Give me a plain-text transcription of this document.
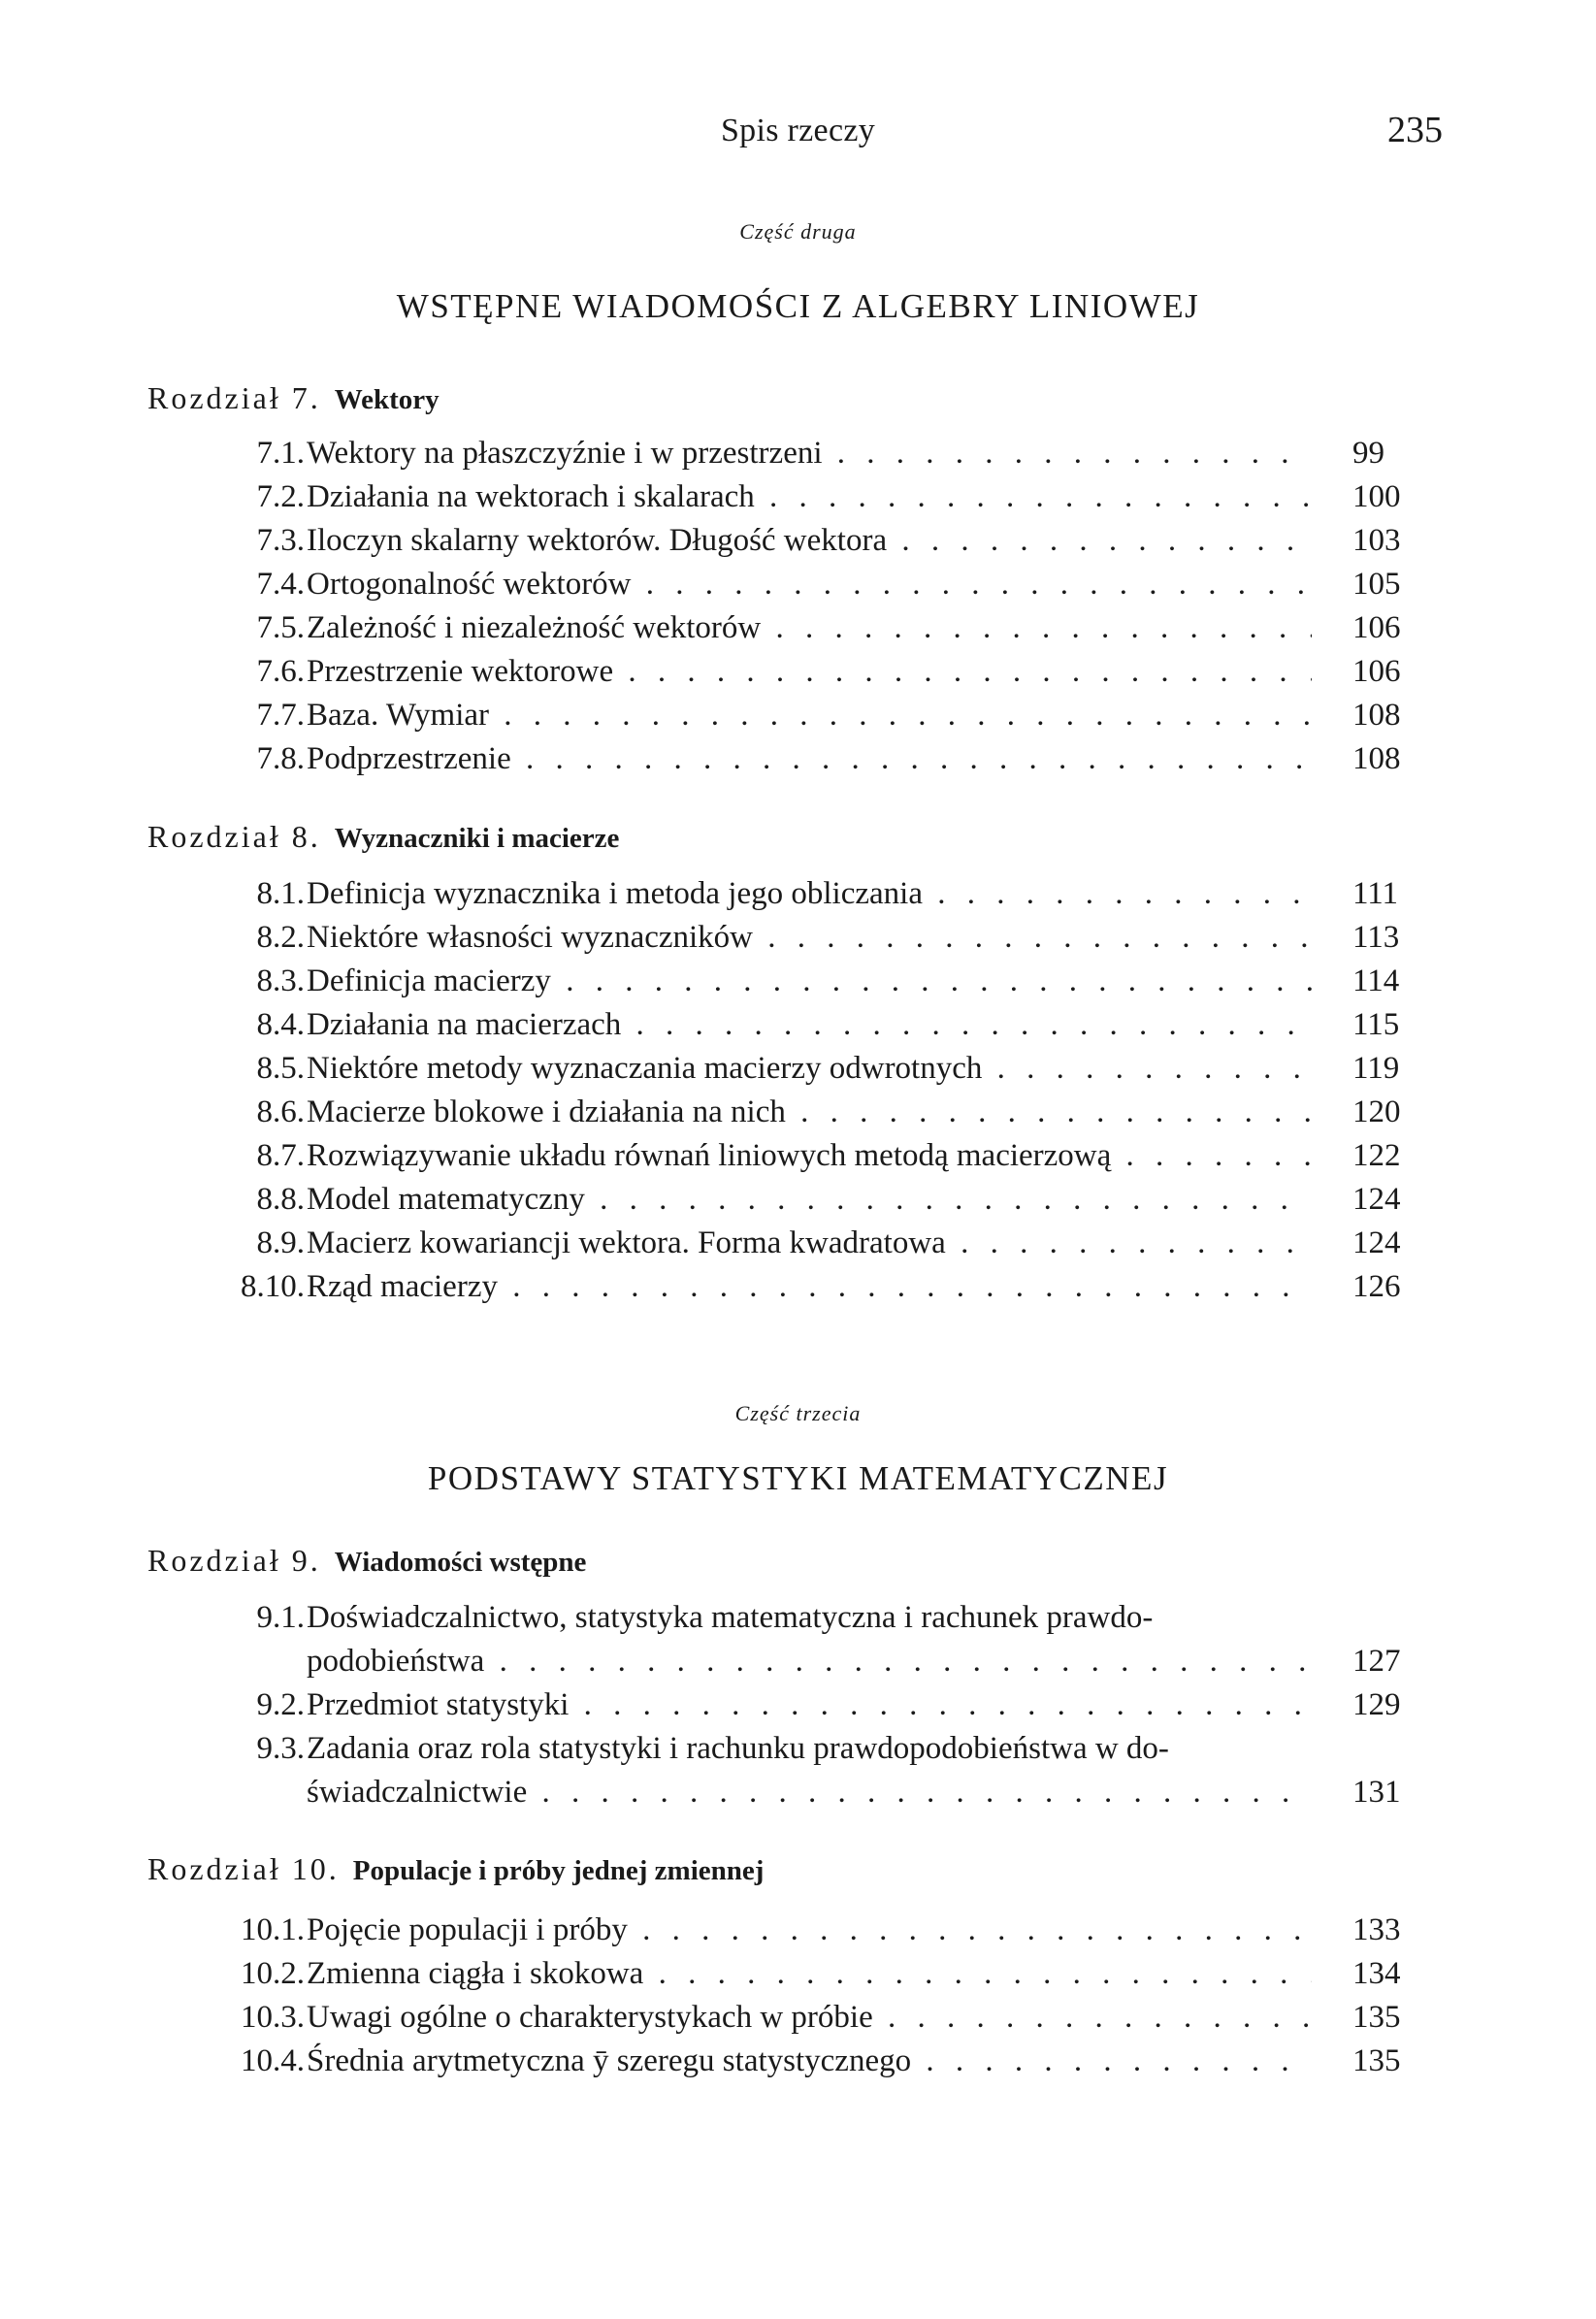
Spis rzeczy	235
Część druga
WSTĘPNE WIADOMOŚCI Z ALGEBRY LINIOWEJ
Rozdział 7. Wektory
7.1. Wektory na płaszczyźnie i w przestrzeni . . .	99
7.2. Działania na wektorach i skalarach . . .	100
7.3. Iloczyn skalarny wektorów. Długość wektora . . .	103
7.4. Ortogonalność wektorów . . .	105
7.5. Zależność i niezależność wektorów . . .	106
7.6. Przestrzenie wektorowe . . .	106
7.7. Baza. Wymiar . . .	108
7.8. Podprzestrzenie . . .	108
Rozdział 8. Wyznaczniki i macierze
8.1. Definicja wyznacznika i metoda jego obliczania . . .	111
8.2. Niektóre własności wyznaczników . . .	113
8.3. Definicja macierzy . . .	114
8.4. Działania na macierzach . . .	115
8.5. Niektóre metody wyznaczania macierzy odwrotnych . . .	119
8.6. Macierze blokowe i działania na nich . . .	120
8.7. Rozwiązywanie układu równań liniowych metodą macierzową . . .	122
8.8. Model matematyczny . . .	124
8.9. Macierz kowariancji wektora. Forma kwadratowa . . .	124
8.10. Rząd macierzy . . .	126
Część trzecia
PODSTAWY STATYSTYKI MATEMATYCZNEJ
Rozdział 9. Wiadomości wstępne
9.1. Doświadczalnictwo, statystyka matematyczna i rachunek prawdo-
podobieństwa . . .	127
9.2. Przedmiot statystyki . . .	129
9.3. Zadania oraz rola statystyki i rachunku prawdopodobieństwa w do-
świadczalnictwie . . .	131
Rozdział 10. Populacje i próby jednej zmiennej
10.1. Pojęcie populacji i próby . . .	133
10.2. Zmienna ciągła i skokowa . . .	134
10.3. Uwagi ogólne o charakterystykach w próbie . . .	135
10.4. Średnia arytmetyczna ȳ szeregu statystycznego . . .	135
